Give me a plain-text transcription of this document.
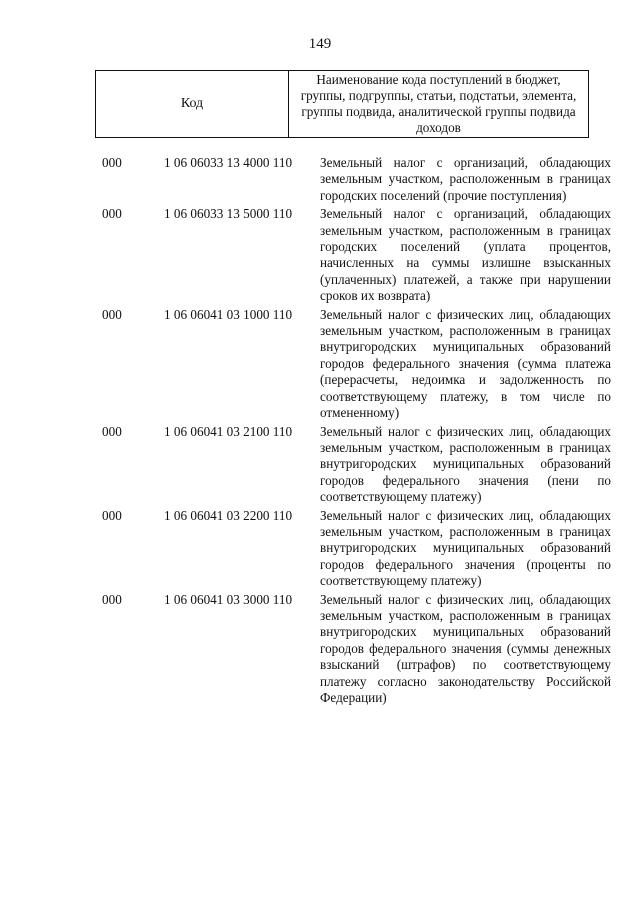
149
Код
Наименование кода поступлений в бюджет, группы, подгруппы, статьи, подстатьи, элемента, группы подвида, аналитической группы подвида доходов
000	1 06 06033 13 4000 110	Земельный налог с организаций, обладающих земельным участком, расположенным в границах городских поселений (прочие поступления)
000	1 06 06033 13 5000 110	Земельный налог с организаций, обладающих земельным участком, расположенным в границах городских поселений (уплата процентов, начисленных на суммы излишне взысканных (уплаченных) платежей, а также при нарушении сроков их возврата)
000	1 06 06041 03 1000 110	Земельный налог с физических лиц, обладающих земельным участком, расположенным в границах внутригородских муниципальных образований городов федерального значения (сумма платежа (перерасчеты, недоимка и задолженность по соответствующему платежу, в том числе по отмененному)
000	1 06 06041 03 2100 110	Земельный налог с физических лиц, обладающих земельным участком, расположенным в границах внутригородских муниципальных образований городов федерального значения (пени по соответствующему платежу)
000	1 06 06041 03 2200 110	Земельный налог с физических лиц, обладающих земельным участком, расположенным в границах внутригородских муниципальных образований городов федерального значения (проценты по соответствующему платежу)
000	1 06 06041 03 3000 110	Земельный налог с физических лиц, обладающих земельным участком, расположенным в границах внутригородских муниципальных образований городов федерального значения (суммы денежных взысканий (штрафов) по соответствующему платежу согласно законодательству Российской Федерации)
